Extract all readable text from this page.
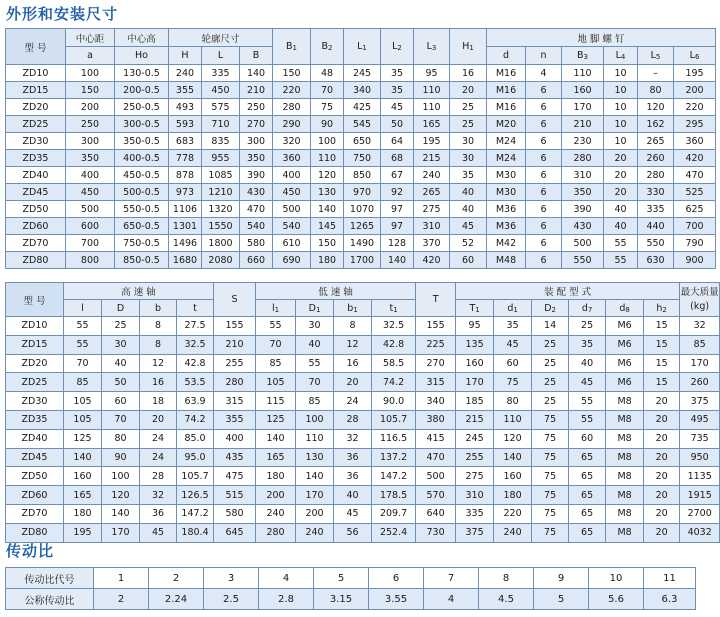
外形和安装尺寸
型 号	中心距	中心高	轮廓尺寸			B1	B2	L1	L2	L3	H1	地 脚 螺 钉					
	a	Ho	H	L	B							d	n	B3	L4	L5	L6
ZD10	100	130-0.5	240	335	140	150	48	245	35	95	16	M16	4	110	10	–	195
ZD15	150	200-0.5	355	450	210	220	70	340	35	110	20	M16	6	160	10	80	200
ZD20	200	250-0.5	493	575	250	280	75	425	45	110	25	M16	6	170	10	120	220
ZD25	250	300-0.5	593	710	270	290	90	545	50	165	25	M20	6	210	10	162	295
ZD30	300	350-0.5	683	835	300	320	100	650	64	195	30	M24	6	230	10	265	360
ZD35	350	400-0.5	778	955	350	360	110	750	68	215	30	M24	6	280	20	260	420
ZD40	400	450-0.5	878	1085	390	400	120	850	67	240	35	M30	6	310	20	280	470
ZD45	450	500-0.5	973	1210	430	450	130	970	92	265	40	M30	6	350	20	330	525
ZD50	500	550-0.5	1106	1320	470	500	140	1070	97	275	40	M36	6	390	40	335	625
ZD60	600	650-0.5	1301	1550	540	540	145	1265	97	310	45	M36	6	430	40	440	700
ZD70	700	750-0.5	1496	1800	580	610	150	1490	128	370	52	M42	6	500	55	550	790
ZD80	800	850-0.5	1680	2080	660	690	180	1700	140	420	60	M48	6	550	55	630	900
型 号	高 速 轴				S	低 速 轴				T	装 配 型 式						最大质量
(kg)
	l	D	b	t		l1	D1	b1	t1		T1	d1	D2	d7	d8	h2	
ZD10	55	25	8	27.5	155	55	30	8	32.5	155	95	35	14	25	M6	15	32
ZD15	55	30	8	32.5	210	70	40	12	42.8	225	135	45	25	35	M6	15	85
ZD20	70	40	12	42.8	255	85	55	16	58.5	270	160	60	25	40	M6	15	170
ZD25	85	50	16	53.5	280	105	70	20	74.2	315	170	75	25	45	M6	15	260
ZD30	105	60	18	63.9	315	115	85	24	90.0	340	185	80	25	55	M8	20	375
ZD35	105	70	20	74.2	355	125	100	28	105.7	380	215	110	75	55	M8	20	495
ZD40	125	80	24	85.0	400	140	110	32	116.5	415	245	120	75	60	M8	20	735
ZD45	140	90	24	95.0	435	165	130	36	137.2	470	255	140	75	65	M8	20	950
ZD50	160	100	28	105.7	475	180	140	36	147.2	500	275	160	75	65	M8	20	1135
ZD60	165	120	32	126.5	515	200	170	40	178.5	570	310	180	75	65	M8	20	1915
ZD70	180	140	36	147.2	580	240	200	45	209.7	640	335	220	75	65	M8	20	2700
ZD80	195	170	45	180.4	645	280	240	56	252.4	730	375	240	75	65	M8	20	4032
传动比
传动比代号	1	2	3	4	5	6	7	8	9	10	11
公称传动比	2	2.24	2.5	2.8	3.15	3.55	4	4.5	5	5.6	6.3
